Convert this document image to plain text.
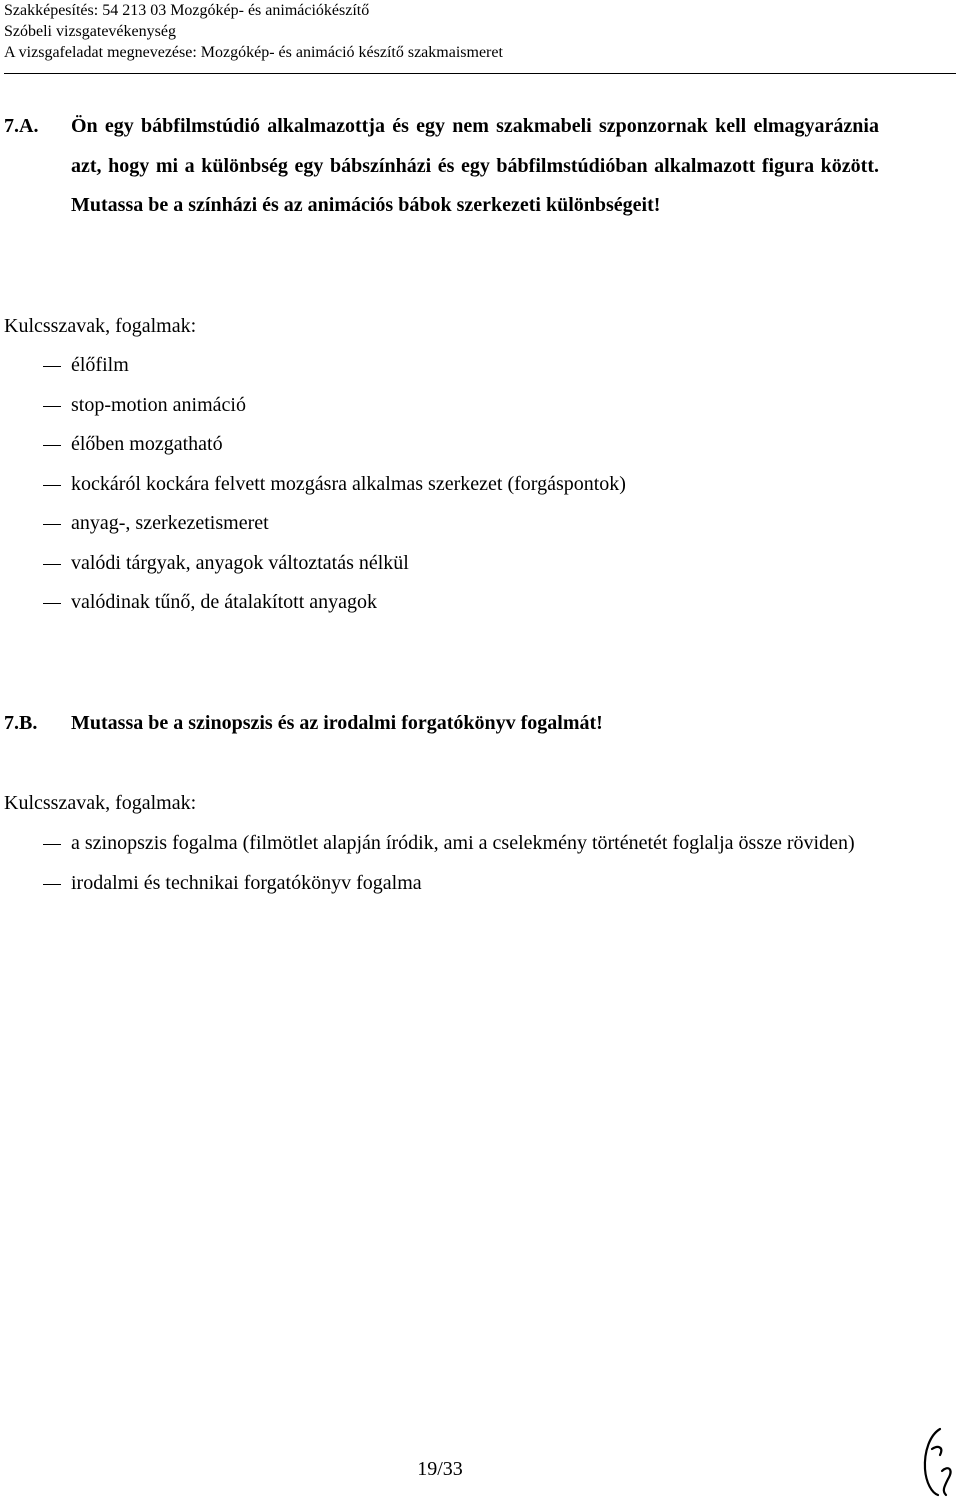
Szakképesítés: 54 213 03 Mozgókép- és animációkészítő
Szóbeli vizsgatevékenység
A vizsgafeladat megnevezése: Mozgókép- és animáció készítő szakmaismeret
7.A. Ön egy bábfilmstúdió alkalmazottja és egy nem szakmabeli szponzornak kell elmagyaráznia azt, hogy mi a különbség egy bábszínházi és egy bábfilmstúdióban alkalmazott figura között. Mutassa be a színházi és az animációs bábok szerkezeti különbségeit!
Kulcsszavak, fogalmak:
élőfilm
stop-motion animáció
élőben mozgatható
kockáról kockára felvett mozgásra alkalmas szerkezet (forgáspontok)
anyag-, szerkezetismeret
valódi tárgyak, anyagok változtatás nélkül
valódinak tűnő, de átalakított anyagok
7.B. Mutassa be a szinopszis és az irodalmi forgatókönyv fogalmát!
Kulcsszavak, fogalmak:
a szinopszis fogalma (filmötlet alapján íródik, ami a cselekmény történetét foglalja össze röviden)
irodalmi és technikai forgatókönyv fogalma
19/33
